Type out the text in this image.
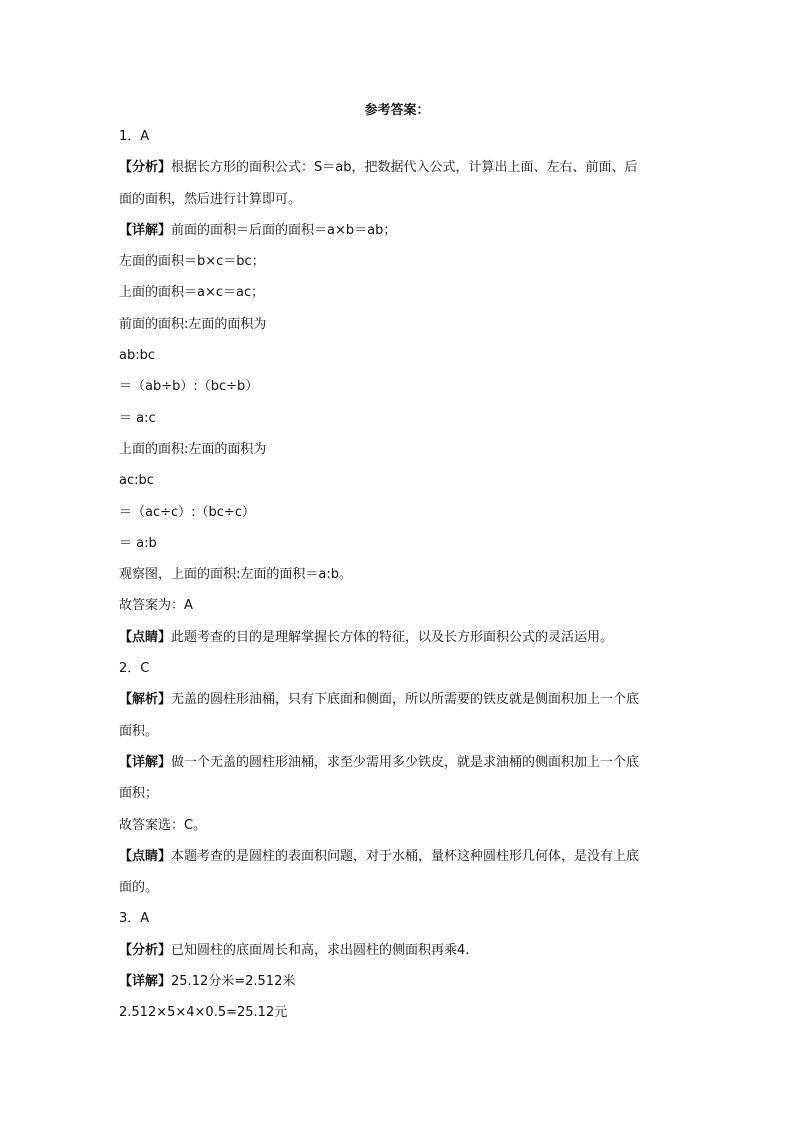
参考答案：
1．A
【分析】根据长方形的面积公式：S＝ab，把数据代入公式，计算出上面、左右、前面、后
面的面积，然后进行计算即可。
【详解】前面的面积＝后面的面积＝a×b＝ab；
左面的面积＝b×c＝bc；
上面的面积＝a×c＝ac；
前面的面积:左面的面积为
ab:bc
＝（ab÷b）:（bc÷b）
＝ a:c
上面的面积:左面的面积为
ac:bc
＝（ac÷c）:（bc÷c）
＝ a:b
观察图，上面的面积:左面的面积＝a:b。
故答案为：A
【点睛】此题考查的目的是理解掌握长方体的特征，以及长方形面积公式的灵活运用。
2．C
【解析】无盖的圆柱形油桶，只有下底面和侧面，所以所需要的铁皮就是侧面积加上一个底
面积。
【详解】做一个无盖的圆柱形油桶，求至少需用多少铁皮，就是求油桶的侧面积加上一个底
面积；
故答案选：C。
【点睛】本题考查的是圆柱的表面积问题，对于水桶，量杯这种圆柱形几何体，是没有上底
面的。
3．A
【分析】已知圆柱的底面周长和高，求出圆柱的侧面积再乘4.
【详解】25.12分米=2.512米
2.512×5×4×0.5=25.12元
